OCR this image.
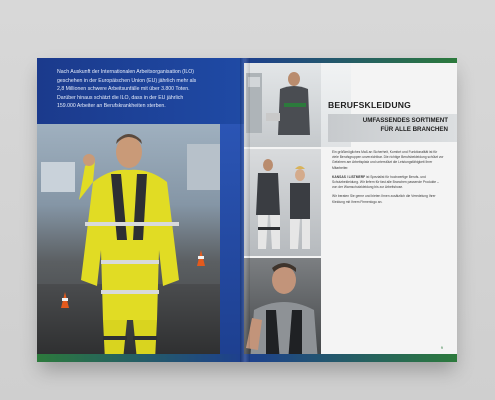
Nach Auskunft der Internationalen Arbeitsorganisation (ILO)

geschehen in der Europäischen Union (EU) jährlich mehr als

2,8 Millionen schwere Arbeitsunfälle mit über 3.800 Toten.

Darüber hinaus schätzt die ILO, dass in der EU jährlich

159.000 Arbeiter an Berufskrankheiten sterben.	BERUFSKLEIDUNG
UMFASSENDES SORTIMENT
FÜR ALLE BRANCHEN

Ein größtmögliches Maß an Sicherheit, Komfort und Funktionalität ist für viele Berufsgruppen unverzichtbar. Die richtige Berufsbekleidung schützt vor Gefahren am Arbeitsplatz und unterstützt die Leistungsfähigkeit Ihrer Mitarbeiter.

KANSAS / LISTMERF ist Spezialist für hochwertige Berufs- und Schutzbekleidung. Wir liefern für fast alle Branchen passende Produkte – von der Warnschutzkleidung bis zur Arbeitshose.

Wir beraten Sie gerne und bieten Ihnen zusätzlich die Veredelung Ihrer Kleidung mit Ihrem Firmenlogo an.

9
